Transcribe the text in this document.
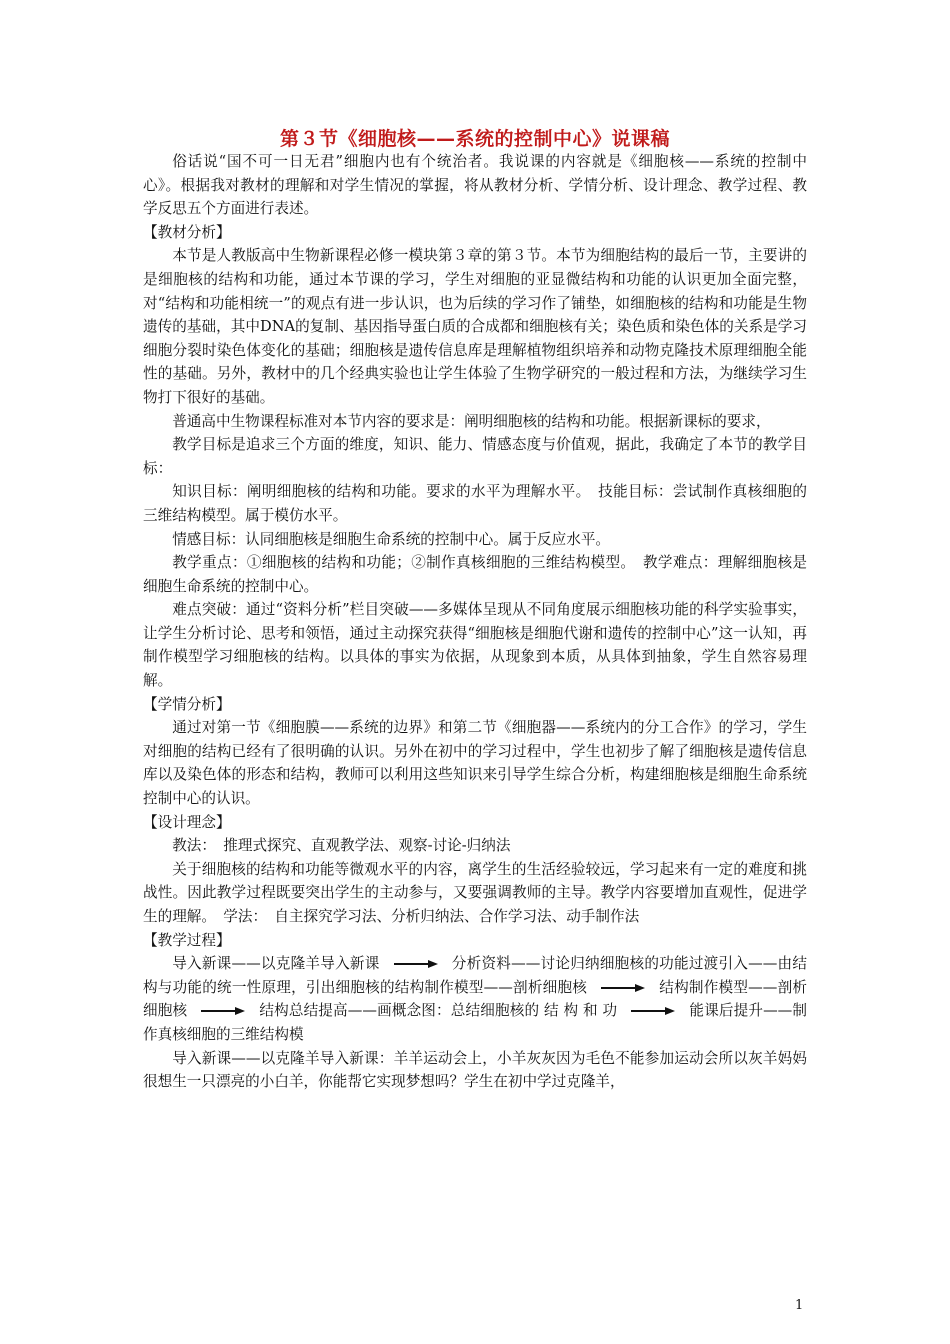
第３节《细胞核——系统的控制中心》说课稿

俗话说“国不可一日无君”细胞内也有个统治者。我说课的内容就是《细胞核——系统的控制中心》。根据我对教材的理解和对学生情况的掌握，将从教材分析、学情分析、设计理念、教学过程、教学反思五个方面进行表述。

【教材分析】

本节是人教版高中生物新课程必修一模块第３章的第３节。本节为细胞结构的最后一节，主要讲的是细胞核的结构和功能，通过本节课的学习，学生对细胞的亚显微结构和功能的认识更加全面完整，对“结构和功能相统一”的观点有进一步认识，也为后续的学习作了铺垫，如细胞核的结构和功能是生物遗传的基础，其中DNA的复制、基因指导蛋白质的合成都和细胞核有关；染色质和染色体的关系是学习细胞分裂时染色体变化的基础；细胞核是遗传信息库是理解植物组织培养和动物克隆技术原理细胞全能性的基础。另外，教材中的几个经典实验也让学生体验了生物学研究的一般过程和方法，为继续学习生物打下很好的基础。

普通高中生物课程标准对本节内容的要求是：阐明细胞核的结构和功能。根据新课标的要求，

教学目标是追求三个方面的维度，知识、能力、情感态度与价值观，据此，我确定了本节的教学目标：

知识目标：阐明细胞核的结构和功能。要求的水平为理解水平。　技能目标：尝试制作真核细胞的三维结构模型。属于模仿水平。

情感目标：认同细胞核是细胞生命系统的控制中心。属于反应水平。

教学重点：①细胞核的结构和功能；②制作真核细胞的三维结构模型。　教学难点：理解细胞核是细胞生命系统的控制中心。

难点突破：通过“资料分析”栏目突破——多媒体呈现从不同角度展示细胞核功能的科学实验事实，让学生分析讨论、思考和领悟，通过主动探究获得“细胞核是细胞代谢和遗传的控制中心”这一认知，再制作模型学习细胞核的结构。以具体的事实为依据，从现象到本质，从具体到抽象，学生自然容易理解。

【学情分析】

通过对第一节《细胞膜——系统的边界》和第二节《细胞器——系统内的分工合作》的学习，学生对细胞的结构已经有了很明确的认识。另外在初中的学习过程中，学生也初步了解了细胞核是遗传信息库以及染色体的形态和结构，教师可以利用这些知识来引导学生综合分析，构建细胞核是细胞生命系统控制中心的认识。

【设计理念】

教法：　推理式探究、直观教学法、观察-讨论-归纳法

关于细胞核的结构和功能等微观水平的内容，离学生的生活经验较远，学习起来有一定的难度和挑战性。因此教学过程既要突出学生的主动参与，又要强调教师的主导。教学内容要增加直观性，促进学生的理解。　学法：　自主探究学习法、分析归纳法、合作学习法、动手制作法

【教学过程】

导入新课——以克隆羊导入新课	分析资料——讨论归纳细胞核的功能过渡引入——由结构与功能的统一性原理，引出细胞核的结构制作模型——剖析细胞核	结构制作模型——剖析细胞核	结构总结提高——画概念图：总结细胞核的 结 构 和 功	能课后提升——制作真核细胞的三维结构模

导入新课——以克隆羊导入新课：羊羊运动会上，小羊灰灰因为毛色不能参加运动会所以灰羊妈妈很想生一只漂亮的小白羊，你能帮它实现梦想吗？学生在初中学过克隆羊，

1
